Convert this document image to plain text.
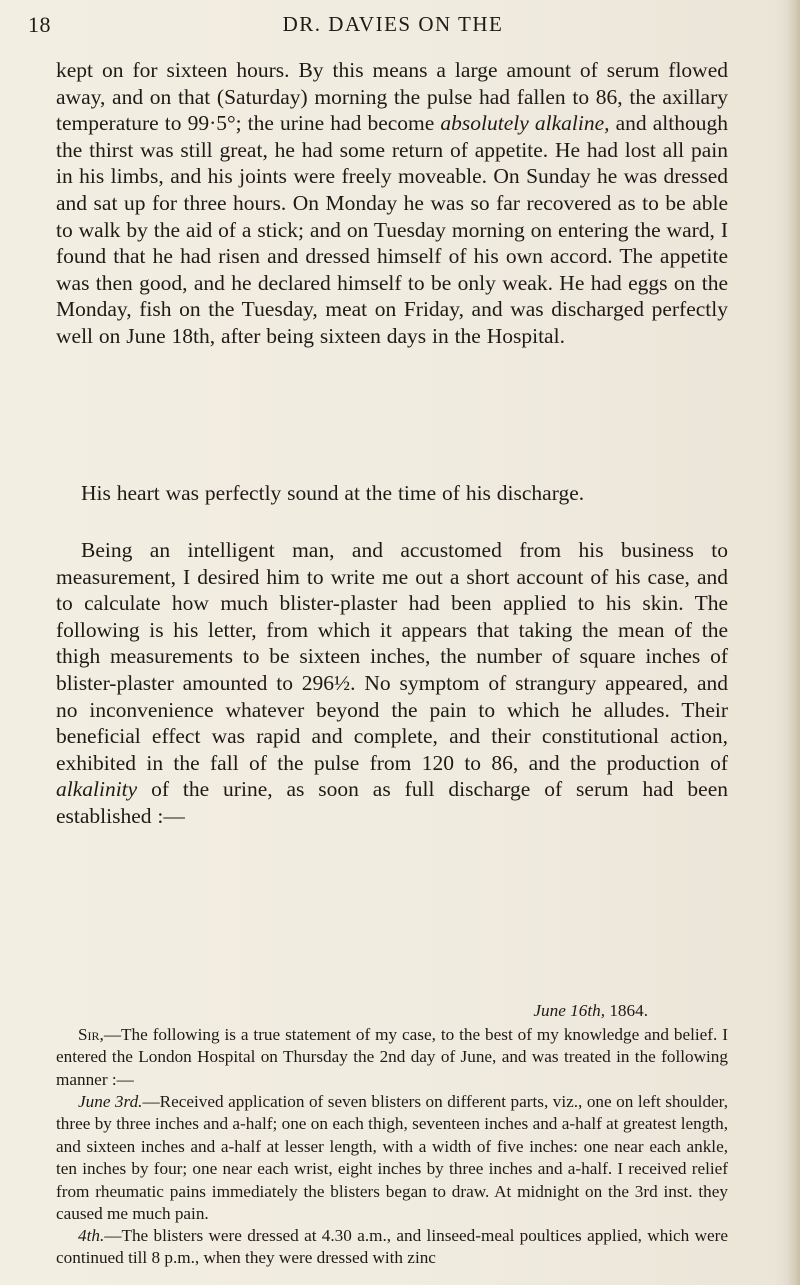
18	DR. DAVIES ON THE

kept on for sixteen hours. By this means a large amount of serum flowed away, and on that (Saturday) morning the pulse had fallen to 86, the axillary temperature to 99·5°; the urine had become absolutely alkaline, and although the thirst was still great, he had some return of appetite. He had lost all pain in his limbs, and his joints were freely moveable. On Sunday he was dressed and sat up for three hours. On Monday he was so far recovered as to be able to walk by the aid of a stick; and on Tuesday morning on entering the ward, I found that he had risen and dressed himself of his own accord. The appetite was then good, and he declared himself to be only weak. He had eggs on the Monday, fish on the Tuesday, meat on Friday, and was discharged perfectly well on June 18th, after being sixteen days in the Hospital.

His heart was perfectly sound at the time of his discharge.

Being an intelligent man, and accustomed from his business to measurement, I desired him to write me out a short account of his case, and to calculate how much blister-plaster had been applied to his skin. The following is his letter, from which it appears that taking the mean of the thigh measurements to be sixteen inches, the number of square inches of blister-plaster amounted to 296½. No symptom of strangury appeared, and no inconvenience whatever beyond the pain to which he alludes. Their beneficial effect was rapid and complete, and their constitutional action, exhibited in the fall of the pulse from 120 to 86, and the production of alkalinity of the urine, as soon as full discharge of serum had been established :—

June 16th, 1864.

Sir,—The following is a true statement of my case, to the best of my knowledge and belief. I entered the London Hospital on Thursday the 2nd day of June, and was treated in the following manner :—

June 3rd.—Received application of seven blisters on different parts, viz., one on left shoulder, three by three inches and a-half; one on each thigh, seventeen inches and a-half at greatest length, and sixteen inches and a-half at lesser length, with a width of five inches: one near each ankle, ten inches by four; one near each wrist, eight inches by three inches and a-half. I received relief from rheumatic pains immediately the blisters began to draw. At midnight on the 3rd inst. they caused me much pain.

4th.—The blisters were dressed at 4.30 a.m., and linseed-meal poultices applied, which were continued till 8 p.m., when they were dressed with zinc
